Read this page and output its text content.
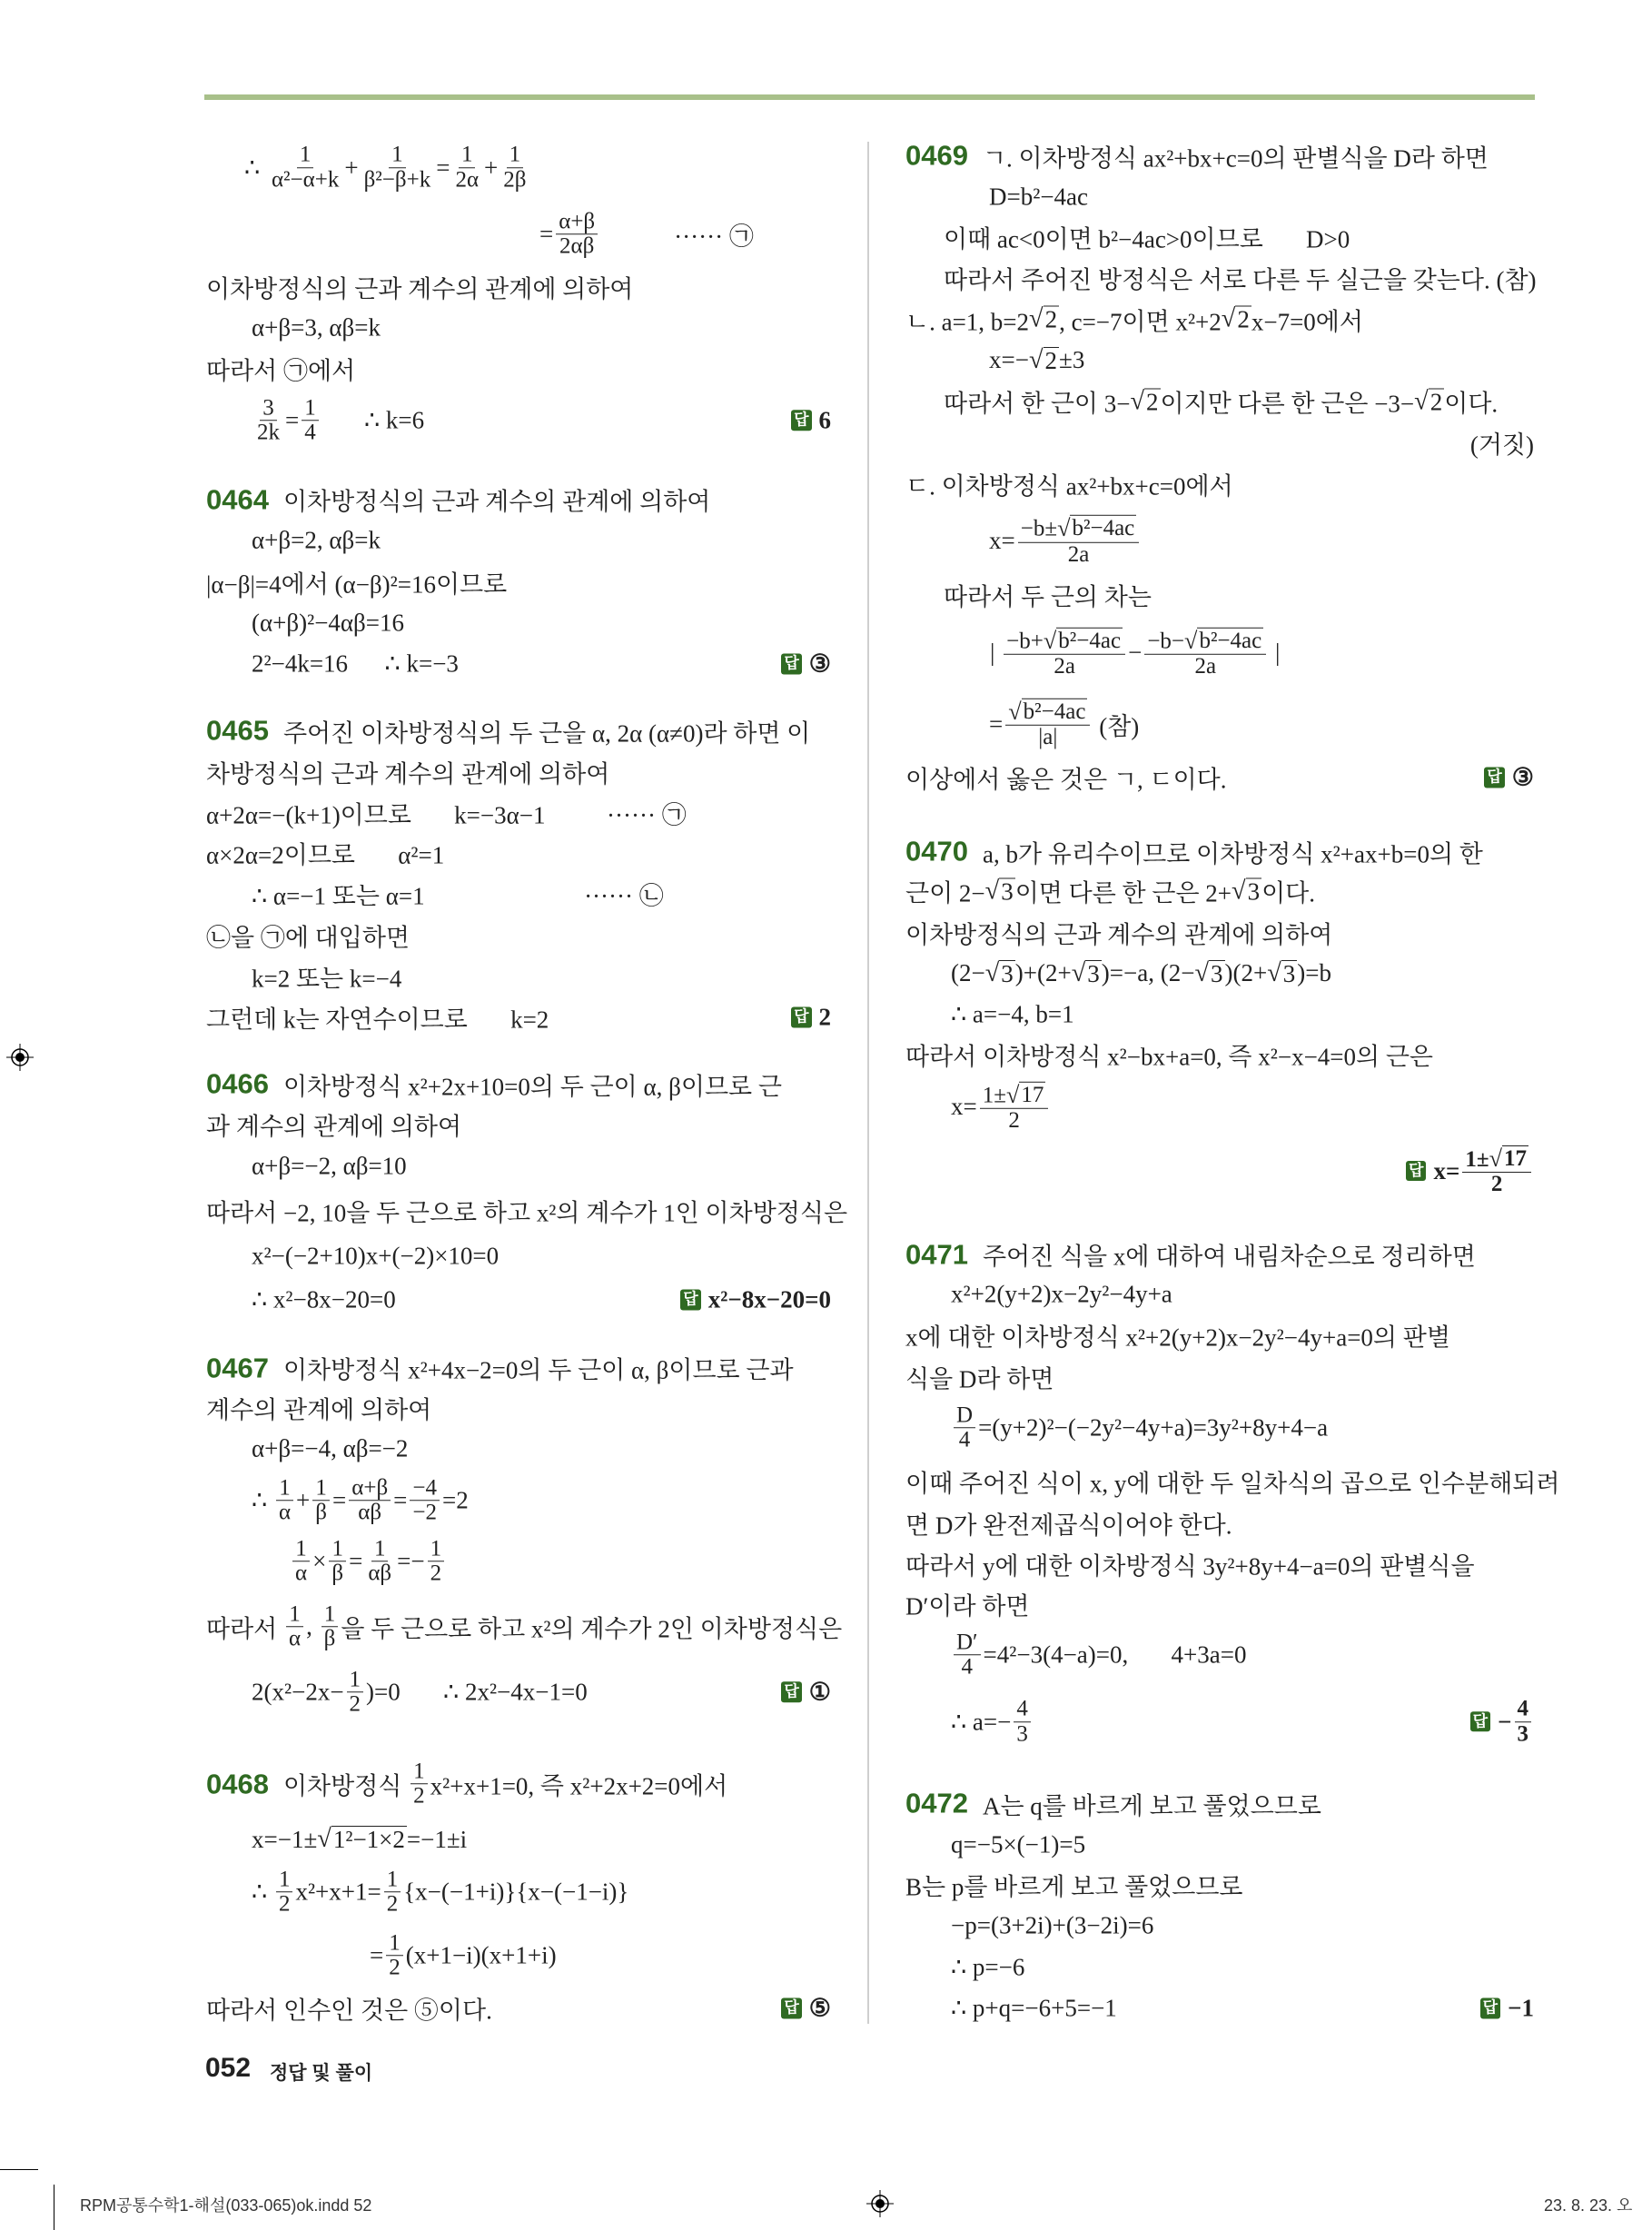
∴ $\frac{1}{\text{α²−α+k}} + \frac{1}{\text{β²−β+k}} = \frac{1}{2\alpha} + \frac{1}{2\beta}$
= $\frac{\alpha+\beta}{2\alpha\beta}$ ······ ㉠
이차방정식의 근과 계수의 관계에 의하여
α+β=3, αβ=k
따라서 ㉠에서
$\frac{3}{2k} = \frac{1}{4}$ ∴ k=6	답 6
0464 이차방정식의 근과 계수의 관계에 의하여
α+β=2, αβ=k
|α−β|=4에서 (α−β)²=16이므로
(α+β)²−4αβ=16
2²−4k=16      ∴ k=−3	답 ③
0465 주어진 이차방정식의 두 근을 α, 2α (α≠0)라 하면 이
차방정식의 근과 계수의 관계에 의하여
α+2α=−(k+1)이므로       k=−3α−1          ······ ㉠
α×2α=2이므로       α²=1
∴ α=−1 또는 α=1                          ······ ㉡
㉡을 ㉠에 대입하면
k=2 또는 k=−4
그런데 k는 자연수이므로       k=2	답 2
0466 이차방정식 x²+2x+10=0의 두 근이 α, β이므로 근
과 계수의 관계에 의하여
α+β=−2, αβ=10
따라서 −2, 10을 두 근으로 하고 x²의 계수가 1인 이차방정식은
x²−(−2+10)x+(−2)×10=0
∴ x²−8x−20=0	답 x²−8x−20=0
0467 이차방정식 x²+4x−2=0의 두 근이 α, β이므로 근과
계수의 관계에 의하여
α+β=−4, αβ=−2
∴ $\frac{1}{\alpha} + \frac{1}{\beta} = \frac{\alpha+\beta}{\alpha\beta} = \frac{-4}{-2} =2$
$\frac{1}{\alpha} \times \frac{1}{\beta} = \frac{1}{\alpha\beta} =- \frac{1}{2}$
따라서 $\frac{1}{\alpha}$ , $\frac{1}{\beta}$ 을 두 근으로 하고 x²의 계수가 2인 이차방정식은
$2(x^2-2x- \frac{1}{2} )=0$       ∴ 2x²−4x−1=0	답 ①
0468 이차방정식 $\frac{1}{2} x^2+x+1=0$, 즉 x²+2x+2=0에서
x=−1± √ 1²−1×2 =−1±i
∴ $\frac{1}{2} x^2+x+1= \frac{1}{2} \{x-(-1+i)\}\{x-(-1-i)\}$
= $\frac{1}{2} (x+1-i)(x+1+i)$
따라서 인수인 것은 ⑤이다.	답 ⑤
0469 ㄱ. 이차방정식 ax²+bx+c=0의 판별식을 D라 하면
D=b²−4ac
이때 ac<0이면 b²−4ac>0이므로       D>0
따라서 주어진 방정식은 서로 다른 두 실근을 갖는다. (참)
ㄴ. a=1, b=2 √ 2 , c=−7이면 x²+2 √ 2 x−7=0에서
x=− √ 2 ±3
따라서 한 근이 3− √ 2 이지만 다른 한 근은 −3− √ 2 이다.
(거짓)
ㄷ. 이차방정식 ax²+bx+c=0에서
$x= \frac{\text{−b± √ b²−4ac}}{2a}$
따라서 두 근의 차는
| $\frac{\text{−b+ √ b²−4ac}}{2a} - \frac{\text{−b− √ b²−4ac}}{2a}$ |
= $\frac{\text{√ b²−4ac}}{|a|}$ (참)
이상에서 옳은 것은 ㄱ, ㄷ이다.	답 ③
0470 a, b가 유리수이므로 이차방정식 x²+ax+b=0의 한
근이 2− √ 3 이면 다른 한 근은 2+ √ 3 이다.
이차방정식의 근과 계수의 관계에 의하여
(2− √ 3 )+(2+ √ 3 )=−a, (2− √ 3 )(2+ √ 3 )=b
∴ a=−4, b=1
따라서 이차방정식 x²−bx+a=0, 즉 x²−x−4=0의 근은
$x= \frac{1\pm √ 17}{2}$
답 $x= \frac{1\pm √ 17}{2}$
0471 주어진 식을 x에 대하여 내림차순으로 정리하면
x²+2(y+2)x−2y²−4y+a
x에 대한 이차방정식 x²+2(y+2)x−2y²−4y+a=0의 판별
식을 D라 하면
$\frac{D}{4} =(y+2)^2-(-2y^2-4y+a)=3y^2+8y+4-a$
이때 주어진 식이 x, y에 대한 두 일차식의 곱으로 인수분해되려
면 D가 완전제곱식이어야 한다.
따라서 y에 대한 이차방정식 3y²+8y+4−a=0의 판별식을
D′이라 하면
$\frac{D'}{4} =4^2-3(4-a)=0$,       4+3a=0
∴ $a=- \frac{4}{3}$	답 − $\frac{4}{3}$
0472 A는 q를 바르게 보고 풀었으므로
q=−5×(−1)=5
B는 p를 바르게 보고 풀었으므로
−p=(3+2i)+(3−2i)=6
∴ p=−6
∴ p+q=−6+5=−1	답 −1
052 정답 및 풀이
RPM공통수학1-해설(033-065)ok.indd 52	23. 8. 23. 오
